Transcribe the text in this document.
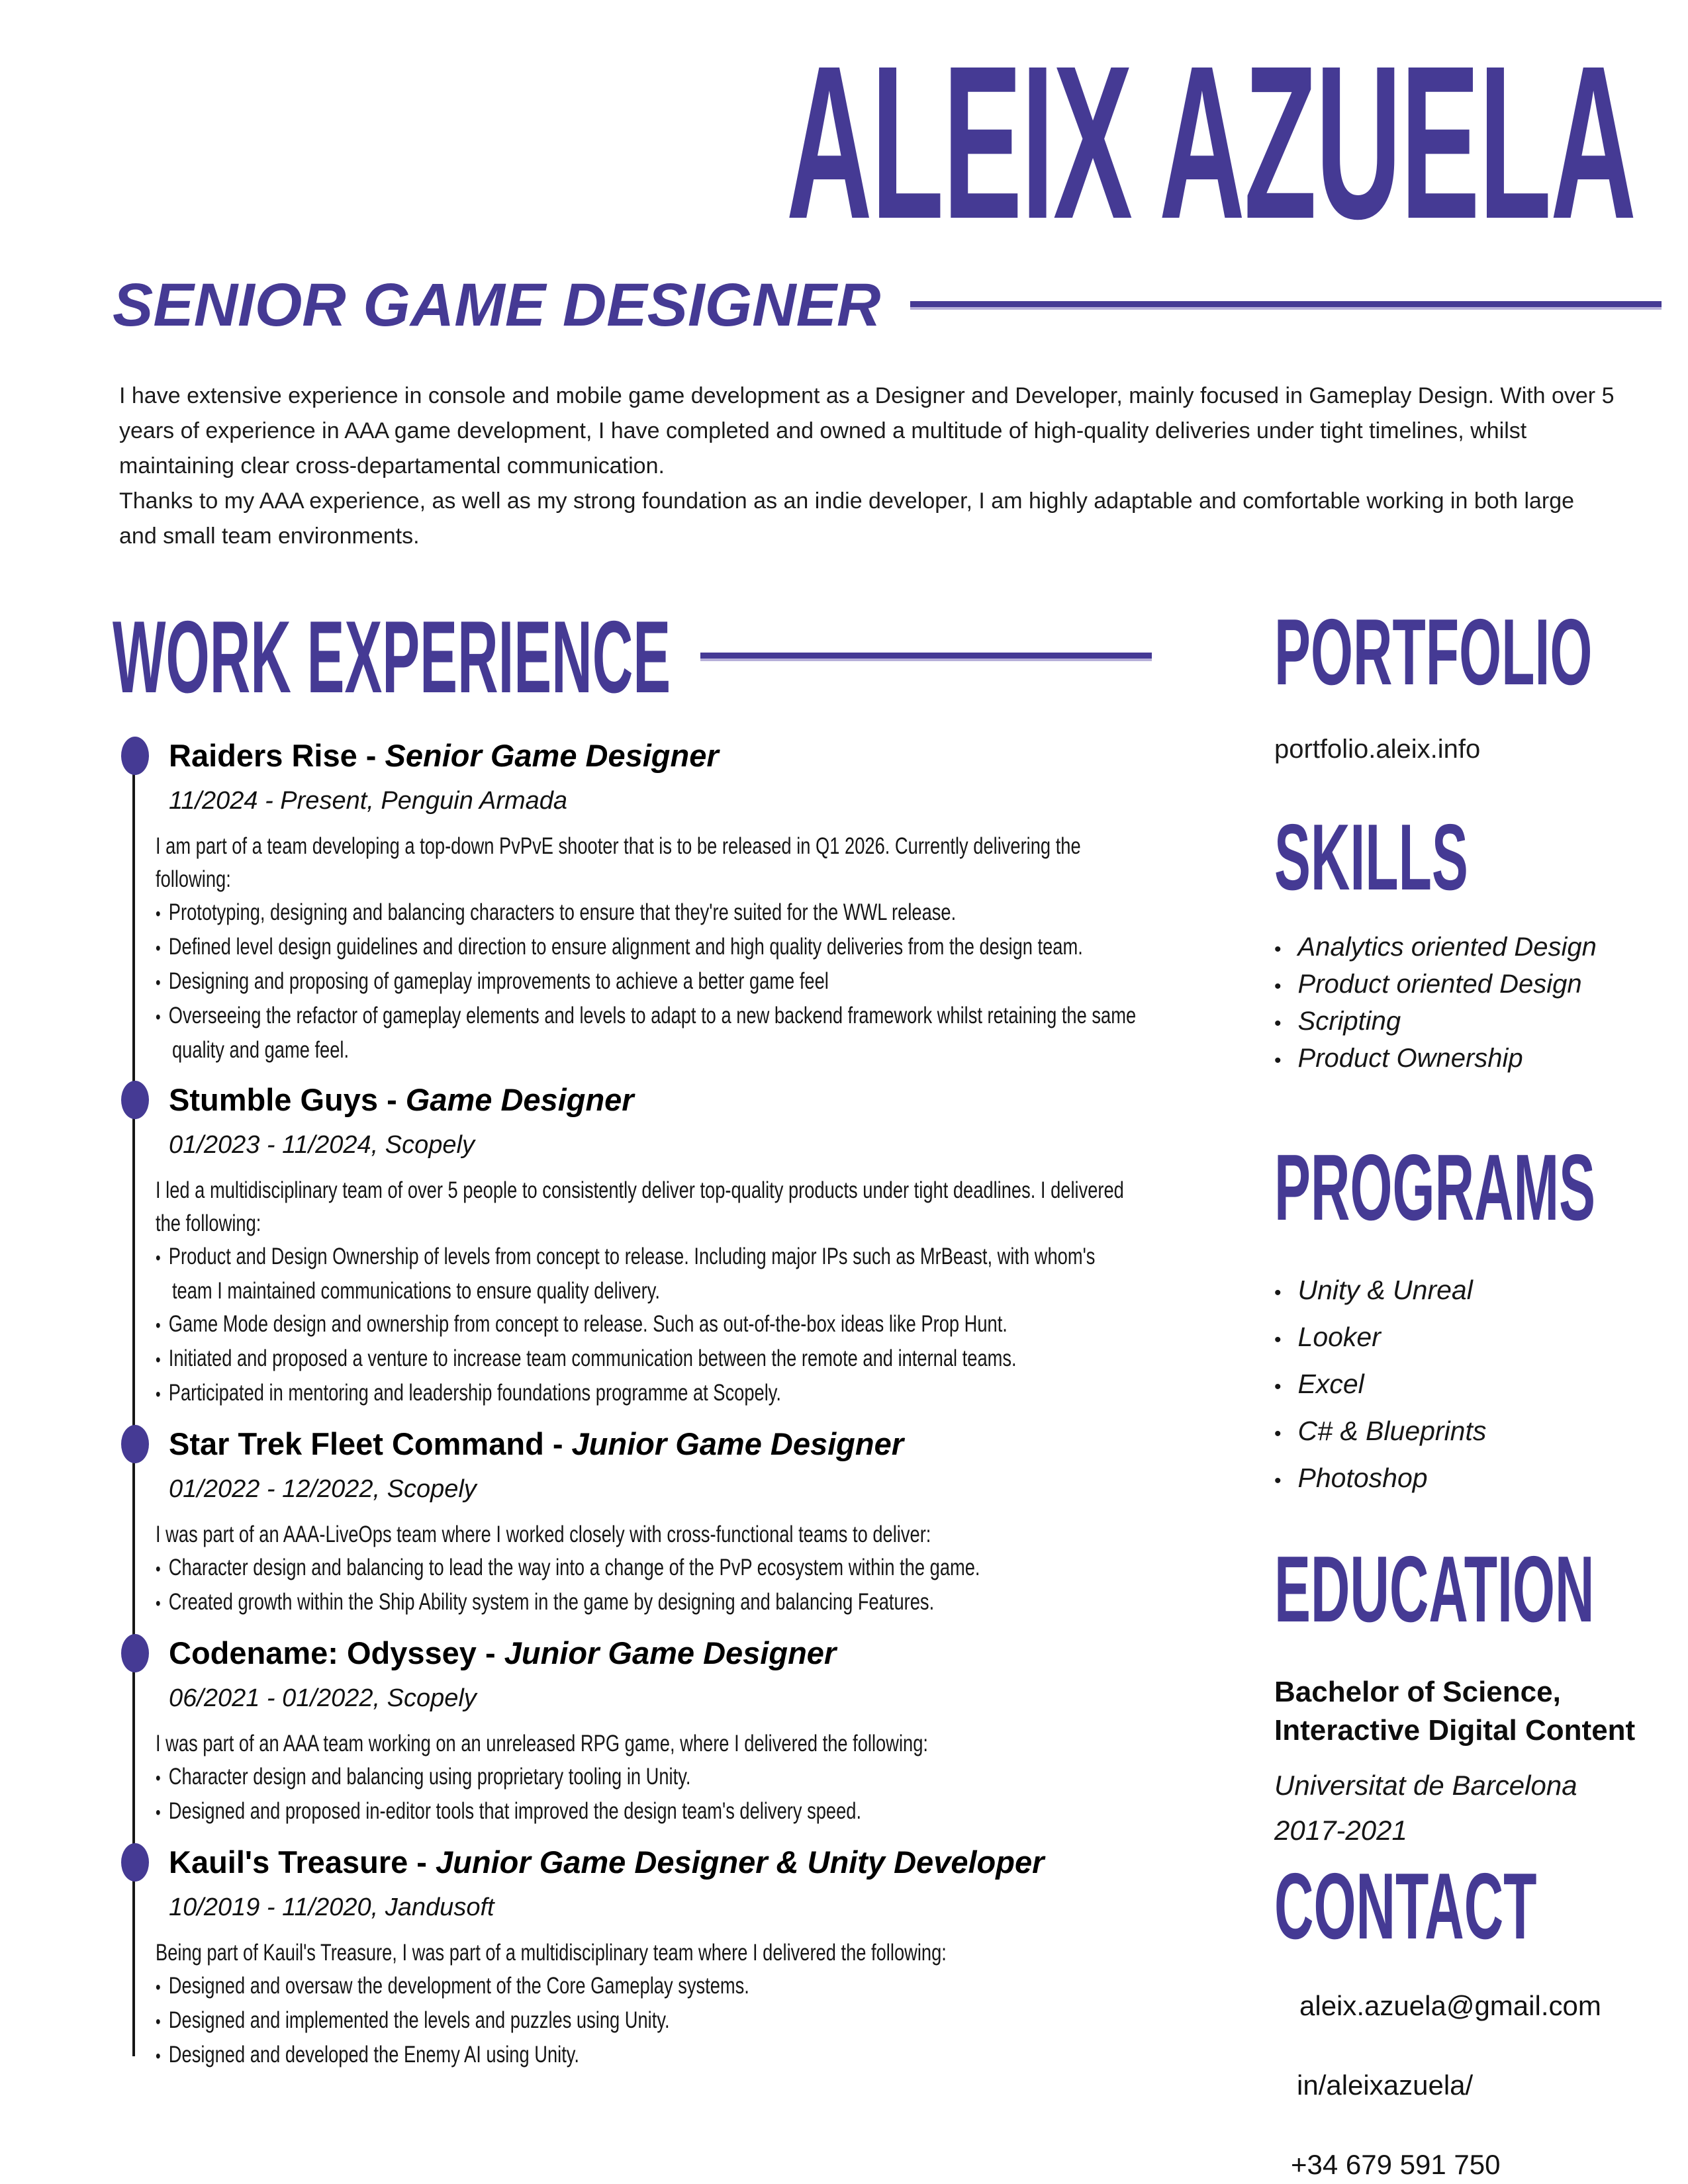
ALEIX AZUELA
SENIOR GAME DESIGNER

I have extensive experience in console and mobile game development as a Designer and Developer, mainly focused in Gameplay Design. With over 5 years of experience in AAA game development, I have completed and owned a multitude of high-quality deliveries under tight timelines, whilst maintaining clear cross-departamental communication.

Thanks to my AAA experience, as well as my strong foundation as an indie developer, I am highly adaptable and comfortable working in both large and small team environments.

WORK EXPERIENCE
Raiders Rise - Senior Game Designer
11/2024 - Present, Penguin Armada

I am part of a team developing a top-down PvPvE shooter that is to be released in Q1 2026. Currently delivering the following:

•  Prototyping, designing and balancing characters to ensure that they're suited for the WWL release.
•  Defined level design guidelines and direction to ensure alignment and high quality deliveries from the design team.
•  Designing and proposing of gameplay improvements to achieve a better game feel
•  Overseeing the refactor of gameplay elements and levels to adapt to a new backend framework whilst retaining the same quality and game feel.
Stumble Guys - Game Designer
01/2023 - 11/2024, Scopely

I led a multidisciplinary team of over 5 people to consistently deliver top-quality products under tight deadlines. I delivered the following:

•  Product and Design Ownership of levels from concept to release. Including major IPs such as MrBeast, with whom's team I maintained communications to ensure quality delivery.
•  Game Mode design and ownership from concept to release. Such as out-of-the-box ideas like Prop Hunt.
•  Initiated and proposed a venture to increase team communication between the remote and internal teams.
•  Participated in mentoring and leadership foundations programme at Scopely.
Star Trek Fleet Command - Junior Game Designer
01/2022 - 12/2022, Scopely

I was part of an AAA-LiveOps team where I worked closely with cross-functional teams to deliver:

•  Character design and balancing to lead the way into a change of the PvP ecosystem within the game.
•  Created growth within the Ship Ability system in the game by designing and balancing Features.
Codename: Odyssey - Junior Game Designer
06/2021 - 01/2022, Scopely

I was part of an AAA team working on an unreleased RPG game, where I delivered the following:

•  Character design and balancing using proprietary tooling in Unity.
•  Designed and proposed in-editor tools that improved the design team's delivery speed.
Kauil's Treasure - Junior Game Designer & Unity Developer
10/2019 - 11/2020, Jandusoft

Being part of Kauil's Treasure, I was part of a multidisciplinary team where I delivered the following:

•  Designed and oversaw the development of the Core Gameplay systems.
•  Designed and implemented the levels and puzzles using Unity.
•  Designed and developed the Enemy AI using Unity.
PORTFOLIO
portfolio.aleix.info
SKILLS
•   Analytics oriented Design
•   Product oriented Design
•   Scripting
•   Product Ownership
PROGRAMS
•   Unity & Unreal
•   Looker
•   Excel
•   C# & Blueprints
•   Photoshop
EDUCATION
Bachelor of Science,
Interactive Digital Content
Universitat de Barcelona
2017-2021
CONTACT
aleix.azuela@gmail.com
in/aleixazuela/
+34 679 591 750
